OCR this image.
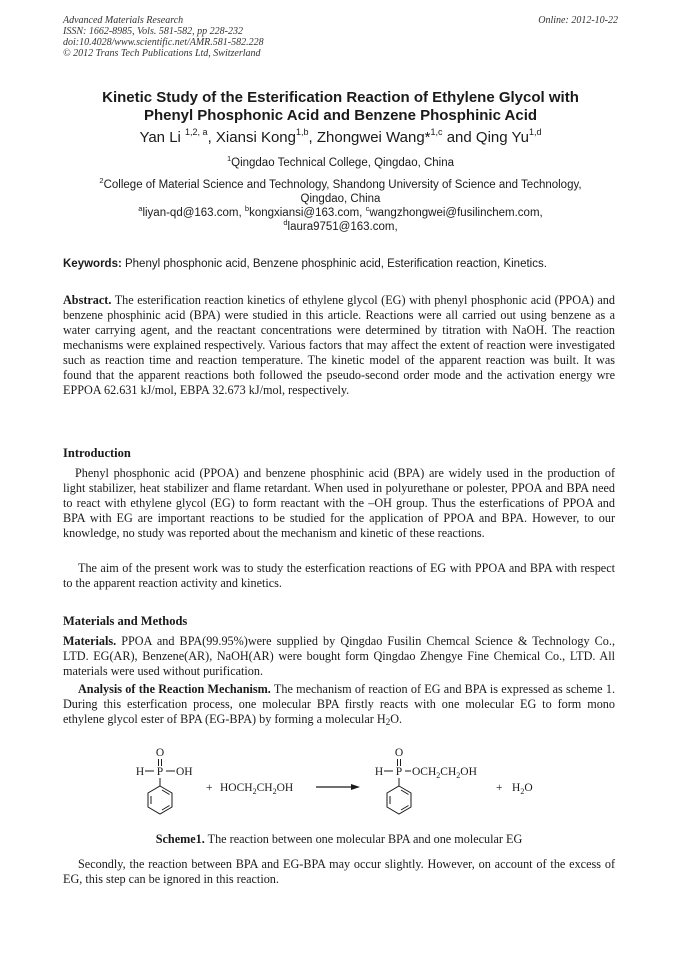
Advanced Materials Research
ISSN: 1662-8985, Vols. 581-582, pp 228-232
doi:10.4028/www.scientific.net/AMR.581-582.228
© 2012 Trans Tech Publications Ltd, Switzerland
Online: 2012-10-22
Kinetic Study of the Esterification Reaction of Ethylene Glycol with
Phenyl Phosphonic Acid and Benzene Phosphinic Acid
Yan Li $^{1,2, a}$, Xiansi Kong$^{1,b}$, Zhongwei Wang*$^{1,c}$ and Qing Yu$^{1,d}$
$^1$Qingdao Technical College, Qingdao, China
$^2$College of Material Science and Technology, Shandong University of Science and Technology,
Qingdao, China
$^a$liyan-qd@163.com, $^b$kongxiansi@163.com, $^c$wangzhongwei@fusilinchem.com,
$^d$laura9751@163.com,
Keywords: Phenyl phosphonic acid, Benzene phosphinic acid, Esterification reaction, Kinetics.
Abstract. The esterification reaction kinetics of ethylene glycol (EG) with phenyl phosphonic acid (PPOA) and benzene phosphinic acid (BPA) were studied in this article. Reactions were all carried out using benzene as a water carrying agent, and the reactant concentrations were determined by titration with NaOH. The reaction mechanisms were explained respectively. Various factors that may affect the extent of reaction were investigated such as reaction time and reaction temperature. The kinetic model of the apparent reaction was built. It was found that the apparent reactions both followed the pseudo-second order mode and the activation energy wre EPPOA 62.631 kJ/mol, EBPA 32.673 kJ/mol, respectively.
Introduction
Phenyl phosphonic acid (PPOA) and benzene phosphinic acid (BPA) are widely used in the production of light stabilizer, heat stabilizer and flame retardant. When used in polyurethane or polester, PPOA and BPA need to react with ethylene glycol (EG) to form reactant with the –OH group. Thus the esterfications of PPOA and BPA with EG are important reactions to be studied for the application of PPOA and BPA. However, to our knowledge, no study was reported about the mechanism and kinetic of these reactions.
The aim of the present work was to study the esterfication reactions of EG with PPOA and BPA with respect to the apparent reaction activity and kinetics.
Materials and Methods
Materials. PPOA and BPA(99.95%)were supplied by Qingdao Fusilin Chemcal Science & Technology Co., LTD. EG(AR), Benzene(AR), NaOH(AR) were bought form Qingdao Zhengye Fine Chemical Co., LTD. All materials were used without purification.
Analysis of the Reaction Mechanism. The mechanism of reaction of EG and BPA is expressed as scheme 1. During this esterfication process, one molecular BPA firstly reacts with one molecular EG to form mono ethylene glycol ester of BPA (EG-BPA) by forming a molecular $H_2O$.
O
H P OH
+ $HOCH_2CH_2OH$
O
H P $OCH_2CH_2OH$
+ $H_2O$
Scheme1. The reaction between one molecular BPA and one molecular EG
Secondly, the reaction between BPA and EG-BPA may occur slightly. However, on account of the excess of EG, this step can be ignored in this reaction.
